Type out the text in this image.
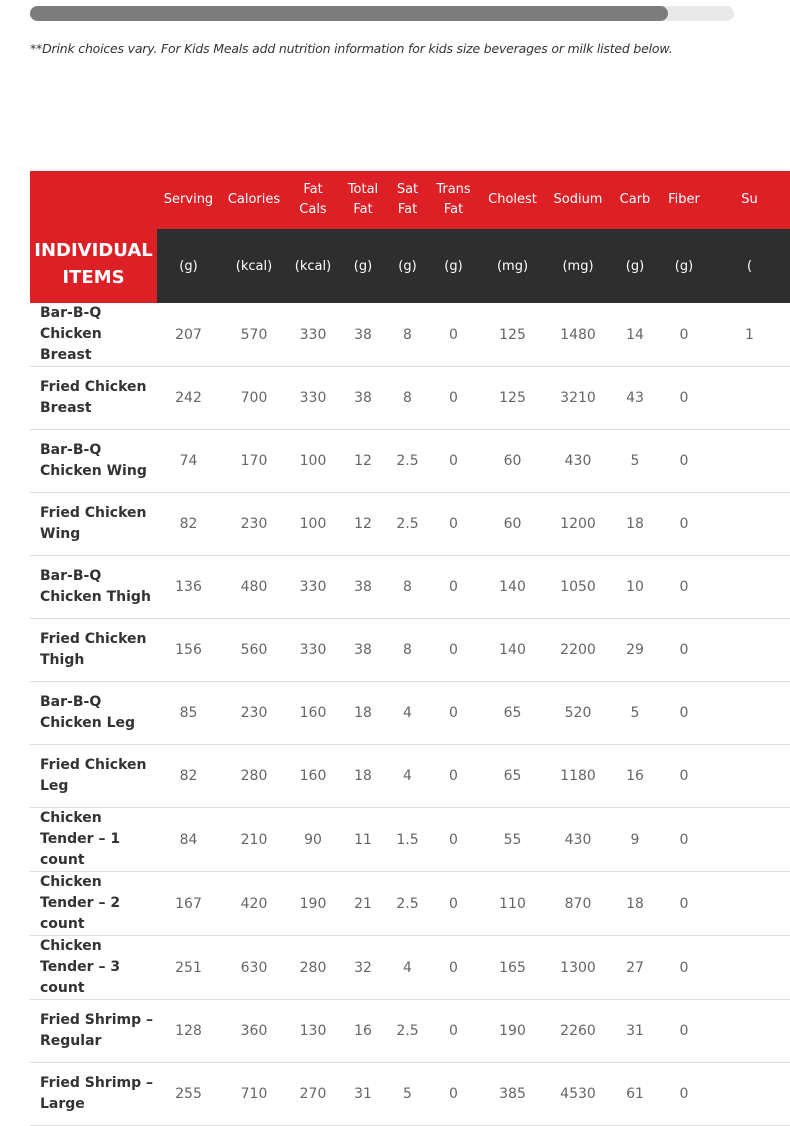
**Drink choices vary. For Kids Meals add nutrition information for kids size beverages or milk listed below.
INDIVIDUAL ITEMS	Serving	Calories	Fat Cals	Total Fat	Sat Fat	Trans Fat	Cholest	Sodium	Carb	Fiber	Su
	(g)	(kcal)	(kcal)	(g)	(g)	(g)	(mg)	(mg)	(g)	(g)	(
Bar-B-Q Chicken Breast	207	570	330	38	8	0	125	1480	14	0	1
Fried Chicken Breast	242	700	330	38	8	0	125	3210	43	0	
Bar-B-Q Chicken Wing	74	170	100	12	2.5	0	60	430	5	0	
Fried Chicken Wing	82	230	100	12	2.5	0	60	1200	18	0	
Bar-B-Q Chicken Thigh	136	480	330	38	8	0	140	1050	10	0	
Fried Chicken Thigh	156	560	330	38	8	0	140	2200	29	0	
Bar-B-Q Chicken Leg	85	230	160	18	4	0	65	520	5	0	
Fried Chicken Leg	82	280	160	18	4	0	65	1180	16	0	
Chicken Tender – 1 count	84	210	90	11	1.5	0	55	430	9	0	
Chicken Tender – 2 count	167	420	190	21	2.5	0	110	870	18	0	
Chicken Tender – 3 count	251	630	280	32	4	0	165	1300	27	0	
Fried Shrimp – Regular	128	360	130	16	2.5	0	190	2260	31	0	
Fried Shrimp – Large	255	710	270	31	5	0	385	4530	61	0	
